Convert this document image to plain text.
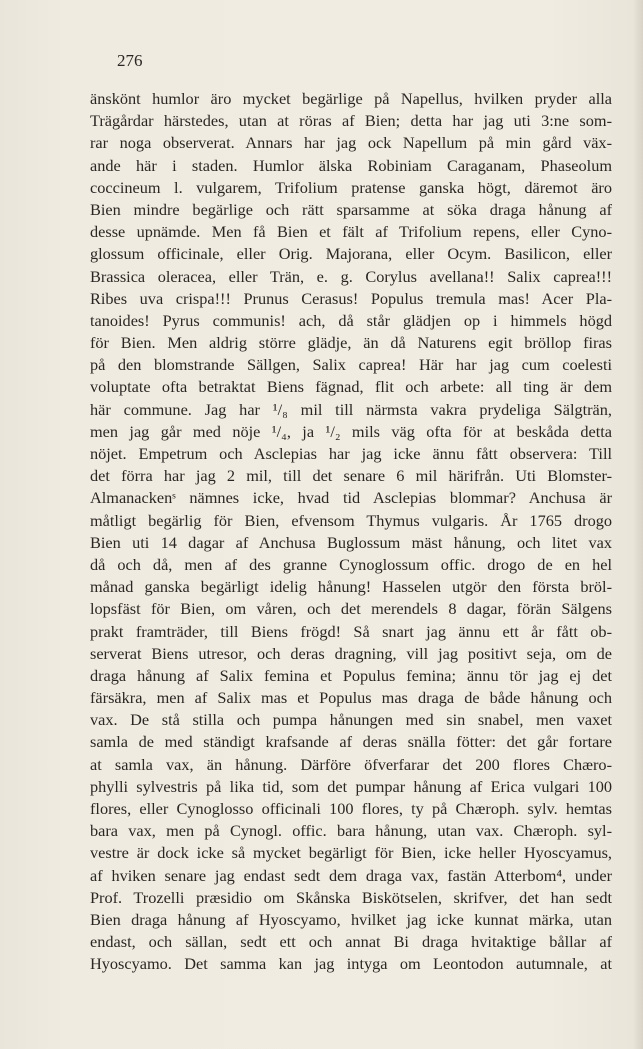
276
änskönt humlor äro mycket begärlige på Napellus, hvilken pryder alla
Trägårdar härstedes, utan at röras af Bien; detta har jag uti 3:ne som-
rar noga observerat. Annars har jag ock Napellum på min gård väx-
ande här i staden. Humlor älska Robiniam Caraganam, Phaseolum
coccineum l. vulgarem, Trifolium pratense ganska högt, däremot äro
Bien mindre begärlige och rätt sparsamme at söka draga hånung af
desse upnämde. Men få Bien et fält af Trifolium repens, eller Cyno-
glossum officinale, eller Orig. Majorana, eller Ocym. Basilicon, eller
Brassica oleracea, eller Trän, e. g. Corylus avellana!! Salix caprea!!!
Ribes uva crispa!!! Prunus Cerasus! Populus tremula mas! Acer Pla-
tanoides! Pyrus communis! ach, då står glädjen op i himmels högd
för Bien. Men aldrig större glädje, än då Naturens egit bröllop firas
på den blomstrande Sällgen, Salix caprea! Här har jag cum coelesti
voluptate ofta betraktat Biens fägnad, flit och arbete: all ting är dem
här commune. Jag har ¹/₈ mil till närmsta vakra prydeliga Sälgträn,
men jag går med nöje ¹/₄, ja ¹/₂ mils väg ofta för at beskåda detta
nöjet. Empetrum och Asclepias har jag icke ännu fått observera: Till
det förra har jag 2 mil, till det senare 6 mil härifrån. Uti Blomster-
Almanackenˢ nämnes icke, hvad tid Asclepias blommar? Anchusa är
måtligt begärlig för Bien, efvensom Thymus vulgaris. År 1765 drogo
Bien uti 14 dagar af Anchusa Buglossum mäst hånung, och litet vax
då och då, men af des granne Cynoglossum offic. drogo de en hel
månad ganska begärligt idelig hånung! Hasselen utgör den första bröl-
lopsfäst för Bien, om våren, och det merendels 8 dagar, förän Sälgens
prakt framträder, till Biens frögd! Så snart jag ännu ett år fått ob-
serverat Biens utresor, och deras dragning, vill jag positivt seja, om de
draga hånung af Salix femina et Populus femina; ännu tör jag ej det
färsäkra, men af Salix mas et Populus mas draga de både hånung och
vax. De stå stilla och pumpa hånungen med sin snabel, men vaxet
samla de med ständigt krafsande af deras snälla fötter: det går fortare
at samla vax, än hånung. Därföre öfverfarar det 200 flores Chæro-
phylli sylvestris på lika tid, som det pumpar hånung af Erica vulgari 100
flores, eller Cynoglosso officinali 100 flores, ty på Chæroph. sylv. hemtas
bara vax, men på Cynogl. offic. bara hånung, utan vax. Chæroph. syl-
vestre är dock icke så mycket begärligt för Bien, icke heller Hyoscyamus,
af hviken senare jag endast sedt dem draga vax, fastän Atterbom⁴, under
Prof. Trozelli præsidio om Skånska Biskötselen, skrifver, det han sedt
Bien draga hånung af Hyoscyamo, hvilket jag icke kunnat märka, utan
endast, och sällan, sedt ett och annat Bi draga hvitaktige bållar af
Hyoscyamo. Det samma kan jag intyga om Leontodon autumnale, at
